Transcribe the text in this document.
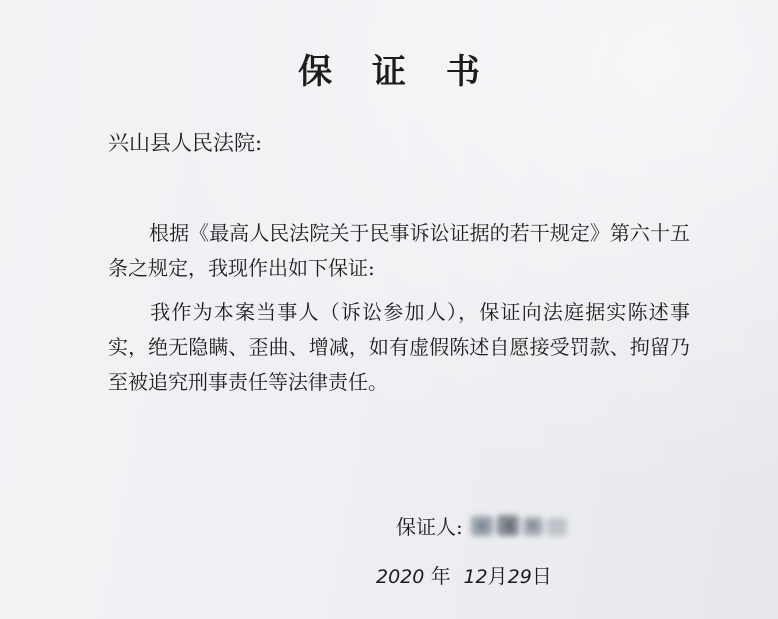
保 证 书
兴山县人民法院:
根据《最高人民法院关于民事诉讼证据的若干规定》第六十五条之规定，我现作出如下保证:
我作为本案当事人（诉讼参加人），保证向法庭据实陈述事实，绝无隐瞒、歪曲、增减，如有虚假陈述自愿接受罚款、拘留乃至被追究刑事责任等法律责任。
保证人:
2020 年 12月29日
